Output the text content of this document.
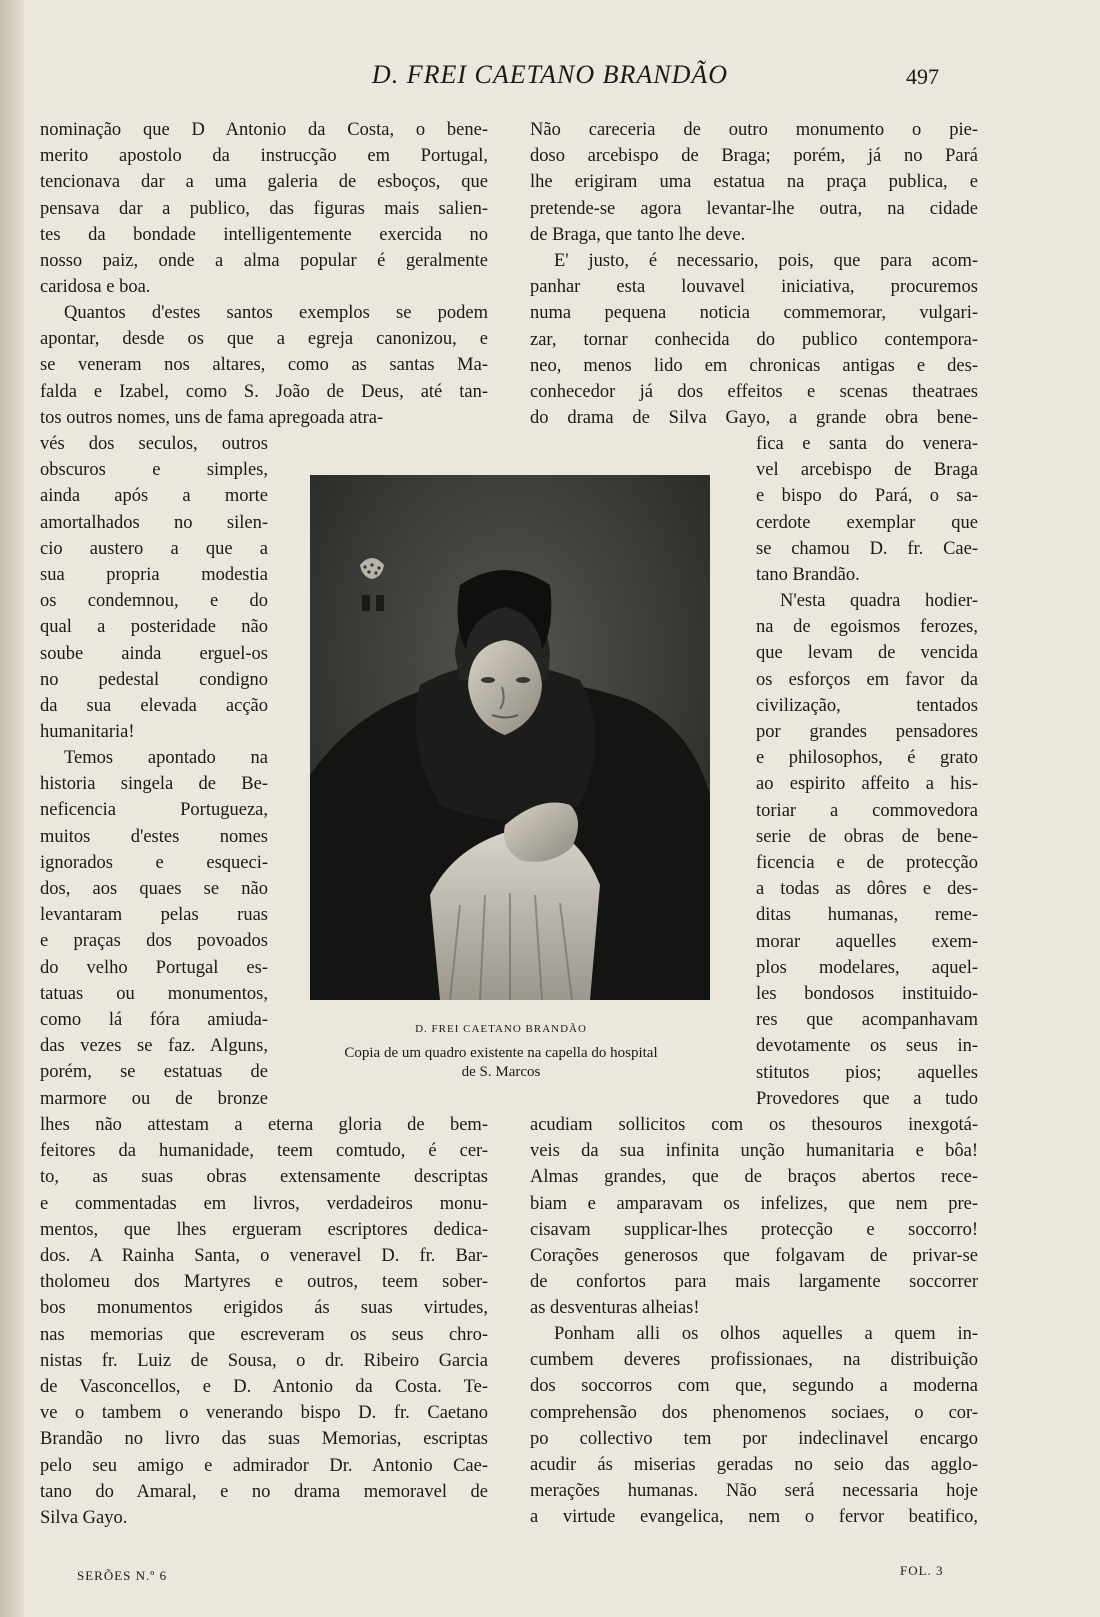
D. FREI CAETANO BRANDÃO	497
nominação que D Antonio da Costa, o bene-
merito apostolo da instrucção em Portugal,
tencionava dar a uma galeria de esboços, que
pensava dar a publico, das figuras mais salien-
tes da bondade intelligentemente exercida no
nosso paiz, onde a alma popular é geralmente
caridosa e boa.
Quantos d'estes santos exemplos se podem
apontar, desde os que a egreja canonizou, e
se veneram nos altares, como as santas Ma-
falda e Izabel, como S. João de Deus, até tan-
tos outros nomes, uns de fama apregoada atra-
vés dos seculos, outros
obscuros e simples,
ainda após a morte
amortalhados no silen-
cio austero a que a
sua propria modestia
os condemnou, e do
qual a posteridade não
soube ainda erguel-os
no pedestal condigno
da sua elevada acção
humanitaria!
Temos apontado na
historia singela de Be-
neficencia Portugueza,
muitos d'estes nomes
ignorados e esqueci-
dos, aos quaes se não
levantaram pelas ruas
e praças dos povoados
do velho Portugal es-
tatuas ou monumentos,
como lá fóra amiuda-
das vezes se faz. Alguns,
porém, se estatuas de
marmore ou de bronze
lhes não attestam a eterna gloria de bem-
feitores da humanidade, teem comtudo, é cer-
to, as suas obras extensamente descriptas
e commentadas em livros, verdadeiros monu-
mentos, que lhes ergueram escriptores dedica-
dos. A Rainha Santa, o veneravel D. fr. Bar-
tholomeu dos Martyres e outros, teem sober-
bos monumentos erigidos ás suas virtudes,
nas memorias que escreveram os seus chro-
nistas fr. Luiz de Sousa, o dr. Ribeiro Garcia
de Vasconcellos, e D. Antonio da Costa. Te-
ve o tambem o venerando bispo D. fr. Caetano
Brandão no livro das suas Memorias, escriptas
pelo seu amigo e admirador Dr. Antonio Cae-
tano do Amaral, e no drama memoravel de
Silva Gayo.
Não careceria de outro monumento o pie-
doso arcebispo de Braga; porém, já no Pará
lhe erigiram uma estatua na praça publica, e
pretende-se agora levantar-lhe outra, na cidade
de Braga, que tanto lhe deve.
E' justo, é necessario, pois, que para acom-
panhar esta louvavel iniciativa, procuremos
numa pequena noticia commemorar, vulgari-
zar, tornar conhecida do publico contempora-
neo, menos lido em chronicas antigas e des-
conhecedor já dos effeitos e scenas theatraes
do drama de Silva Gayo, a grande obra bene-
fica e santa do venera-
vel arcebispo de Braga
e bispo do Pará, o sa-
cerdote exemplar que
se chamou D. fr. Cae-
tano Brandão.
N'esta quadra hodier-
na de egoismos ferozes,
que levam de vencida
os esforços em favor da
civilização, tentados
por grandes pensadores
e philosophos, é grato
ao espirito affeito a his-
toriar a commovedora
serie de obras de bene-
ficencia e de protecção
a todas as dôres e des-
ditas humanas, reme-
morar aquelles exem-
plos modelares, aquel-
les bondosos instituido-
res que acompanhavam
devotamente os seus in-
stitutos pios; aquelles
Provedores que a tudo
acudiam sollicitos com os thesouros inexgotá-
veis da sua infinita unção humanitaria e bôa!
Almas grandes, que de braços abertos rece-
biam e amparavam os infelizes, que nem pre-
cisavam supplicar-lhes protecção e soccorro!
Corações generosos que folgavam de privar-se
de confortos para mais largamente soccorrer
as desventuras alheias!
Ponham alli os olhos aquelles a quem in-
cumbem deveres profissionaes, na distribuição
dos soccorros com que, segundo a moderna
comprehensão dos phenomenos sociaes, o cor-
po collectivo tem por indeclinavel encargo
acudir ás miserias geradas no seio das agglo-
merações humanas. Não será necessaria hoje
a virtude evangelica, nem o fervor beatifico,
D. FREI CAETANO BRANDÃO
Copia de um quadro existente na capella do hospital
de S. Marcos
SERÕES N.º 6	FOL. 3
